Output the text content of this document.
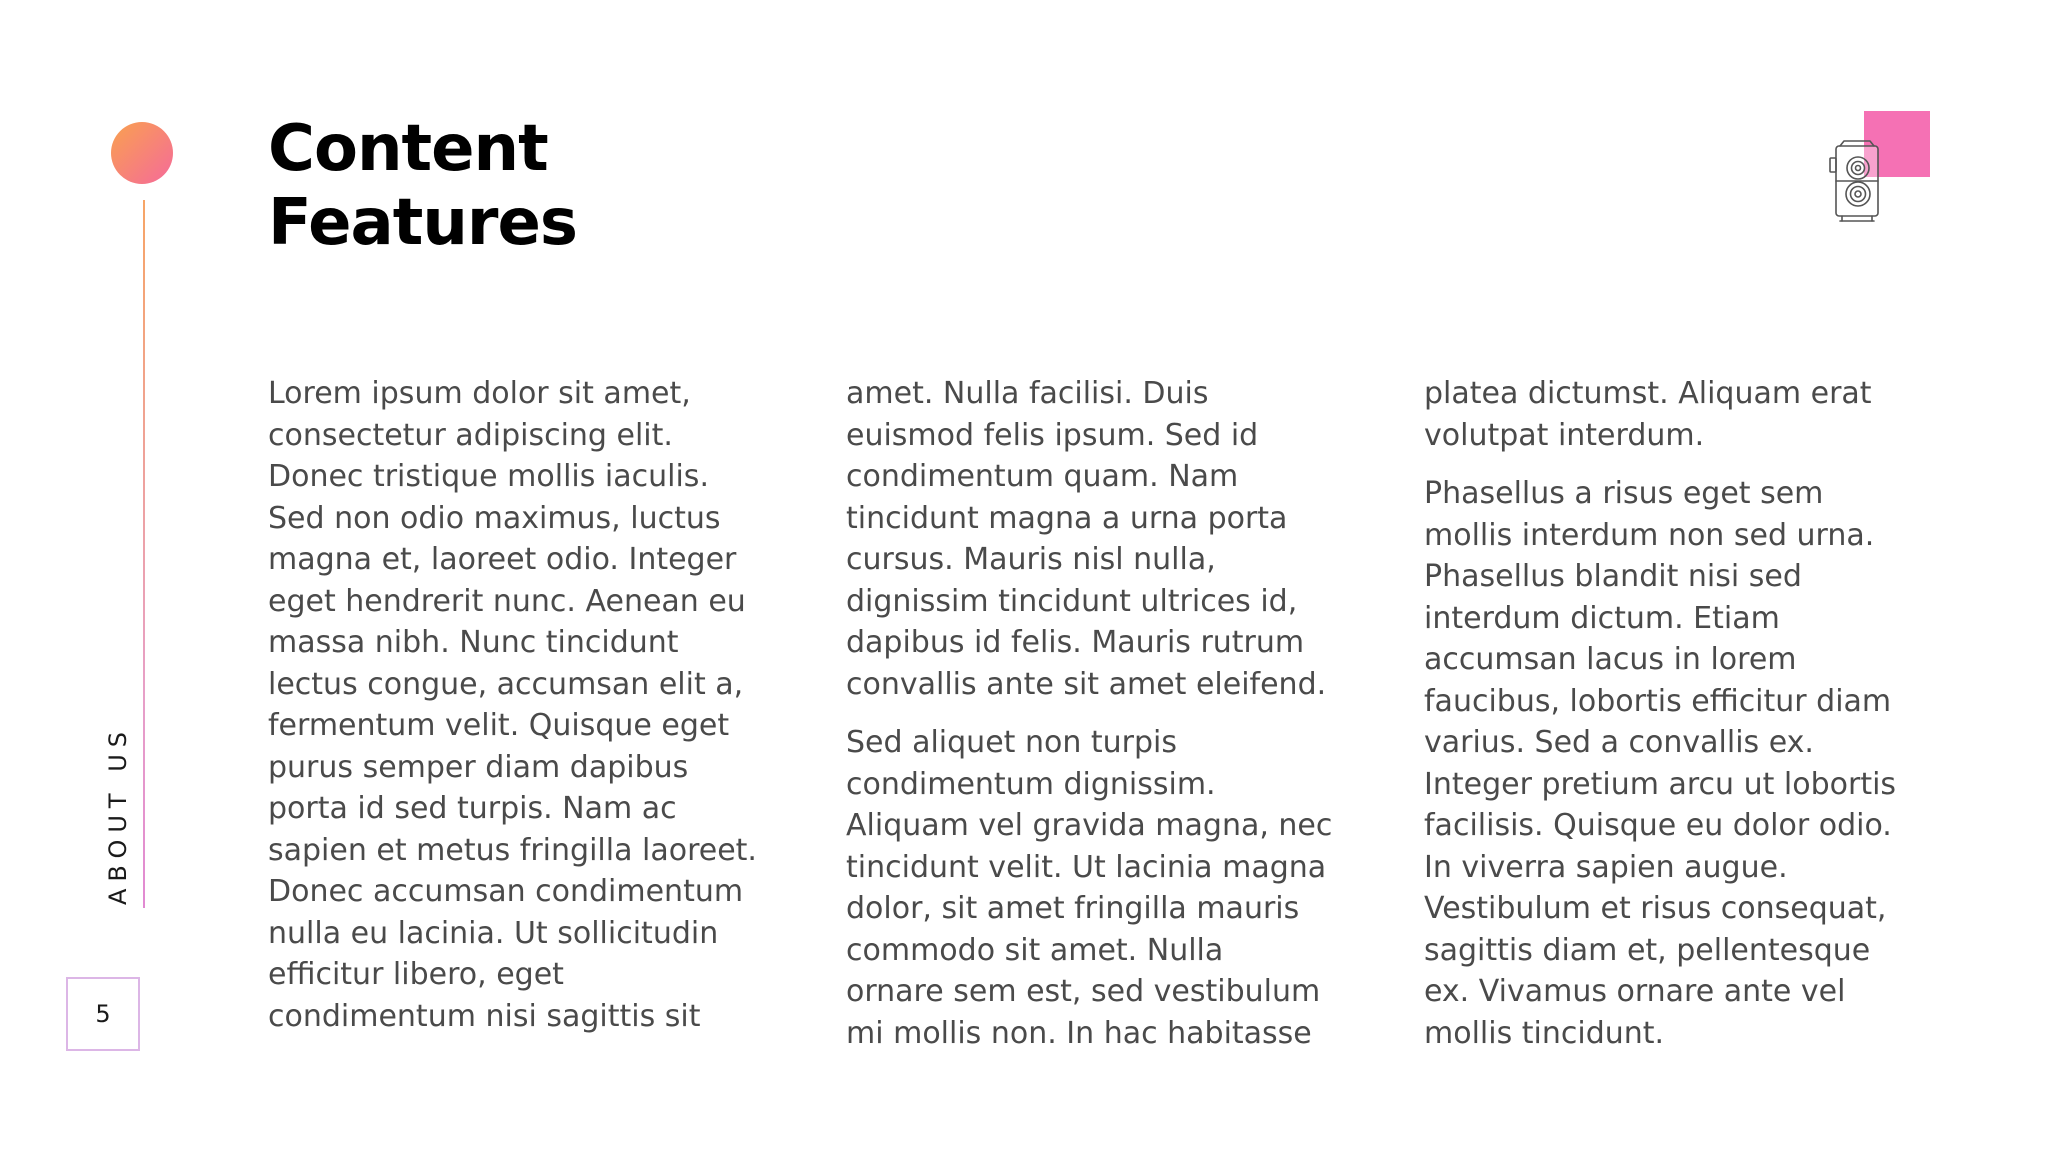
ABOUT US
5
Content
Features

Lorem ipsum dolor sit amet,
consectetur adipiscing elit.
Donec tristique mollis iaculis.
Sed non odio maximus, luctus
magna et, laoreet odio. Integer
eget hendrerit nunc. Aenean eu
massa nibh. Nunc tincidunt
lectus congue, accumsan elit a,
fermentum velit. Quisque eget
purus semper diam dapibus
porta id sed turpis. Nam ac
sapien et metus fringilla laoreet.
Donec accumsan condimentum
nulla eu lacinia. Ut sollicitudin
efficitur libero, eget
condimentum nisi sagittis sit

amet. Nulla facilisi. Duis
euismod felis ipsum. Sed id
condimentum quam. Nam
tincidunt magna a urna porta
cursus. Mauris nisl nulla,
dignissim tincidunt ultrices id,
dapibus id felis. Mauris rutrum
convallis ante sit amet eleifend.

Sed aliquet non turpis
condimentum dignissim.
Aliquam vel gravida magna, nec
tincidunt velit. Ut lacinia magna
dolor, sit amet fringilla mauris
commodo sit amet. Nulla
ornare sem est, sed vestibulum
mi mollis non. In hac habitasse

platea dictumst. Aliquam erat
volutpat interdum.

Phasellus a risus eget sem
mollis interdum non sed urna.
Phasellus blandit nisi sed
interdum dictum. Etiam
accumsan lacus in lorem
faucibus, lobortis efficitur diam
varius. Sed a convallis ex.
Integer pretium arcu ut lobortis
facilisis. Quisque eu dolor odio.
In viverra sapien augue.
Vestibulum et risus consequat,
sagittis diam et, pellentesque
ex. Vivamus ornare ante vel
mollis tincidunt.
